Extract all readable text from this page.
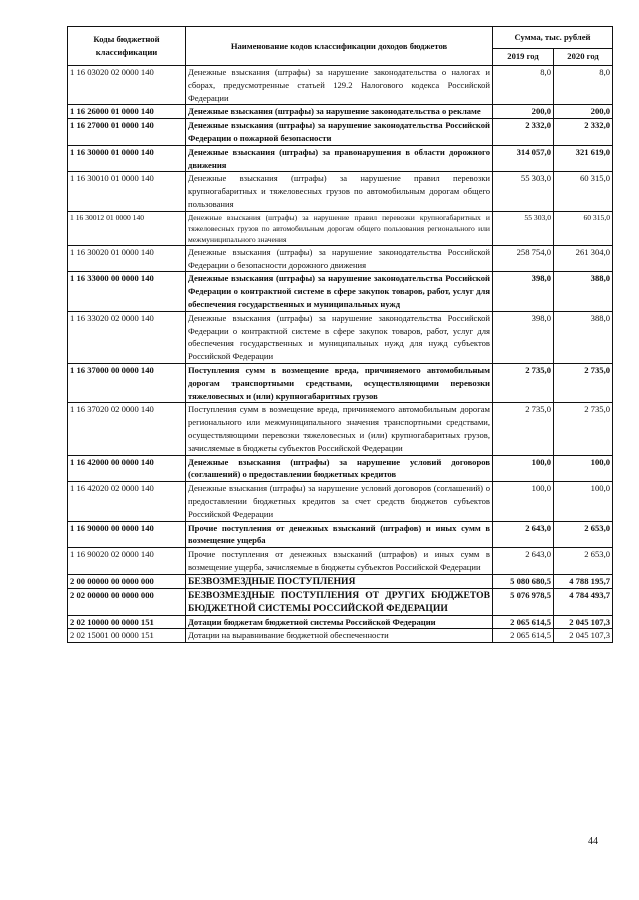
Коды бюджетной классификации	Наименование кодов классификации доходов бюджетов	Сумма, тыс. рублей	
		2019 год	2020 год
1 16 03020 02 0000 140	Денежные взыскания (штрафы) за нарушение законодательства о налогах и сборах, предусмотренные статьей 129.2 Налогового кодекса Российской Федерации	8,0	8,0
1 16 26000 01 0000 140	Денежные взыскания (штрафы) за нарушение законодательства о рекламе	200,0	200,0
1 16 27000 01 0000 140	Денежные взыскания (штрафы) за нарушение законодательства Российской Федерации о пожарной безопасности	2 332,0	2 332,0
1 16 30000 01 0000 140	Денежные взыскания (штрафы) за правонарушения в области дорожного движения	314 057,0	321 619,0
1 16 30010 01 0000 140	Денежные взыскания (штрафы) за нарушение правил перевозки крупногабаритных и тяжеловесных грузов по автомобильным дорогам общего пользования	55 303,0	60 315,0
1 16 30012 01 0000 140	Денежные взыскания (штрафы) за нарушение правил перевозки крупногабаритных и тяжеловесных грузов по автомобильным дорогам общего пользования регионального или межмуниципального значения	55 303,0	60 315,0
1 16 30020 01 0000 140	Денежные взыскания (штрафы) за нарушение законодательства Российской Федерации о безопасности дорожного движения	258 754,0	261 304,0
1 16 33000 00 0000 140	Денежные взыскания (штрафы) за нарушение законодательства Российской Федерации о контрактной системе в сфере закупок товаров, работ, услуг для обеспечения государственных и муниципальных нужд	398,0	388,0
1 16 33020 02 0000 140	Денежные взыскания (штрафы) за нарушение законодательства Российской Федерации о контрактной системе в сфере закупок товаров, работ, услуг для обеспечения государственных и муниципальных нужд для нужд субъектов Российской Федерации	398,0	388,0
1 16 37000 00 0000 140	Поступления сумм в возмещение вреда, причиняемого автомобильным дорогам транспортными средствами, осуществляющими перевозки тяжеловесных и (или) крупногабаритных грузов	2 735,0	2 735,0
1 16 37020 02 0000 140	Поступления сумм в возмещение вреда, причиняемого автомобильным дорогам регионального или межмуниципального значения транспортными средствами, осуществляющими перевозки тяжеловесных и (или) крупногабаритных грузов, зачисляемые в бюджеты субъектов Российской Федерации	2 735,0	2 735,0
1 16 42000 00 0000 140	Денежные взыскания (штрафы) за нарушение условий договоров (соглашений) о предоставлении бюджетных кредитов	100,0	100,0
1 16 42020 02 0000 140	Денежные взыскания (штрафы) за нарушение условий договоров (соглашений) о предоставлении бюджетных кредитов за счет средств бюджетов субъектов Российской Федерации	100,0	100,0
1 16 90000 00 0000 140	Прочие поступления от денежных взысканий (штрафов) и иных сумм в возмещение ущерба	2 643,0	2 653,0
1 16 90020 02 0000 140	Прочие поступления от денежных взысканий (штрафов) и иных сумм в возмещение ущерба, зачисляемые в бюджеты субъектов Российской Федерации	2 643,0	2 653,0
2 00 00000 00 0000 000	БЕЗВОЗМЕЗДНЫЕ ПОСТУПЛЕНИЯ	5 080 680,5	4 788 195,7
2 02 00000 00 0000 000	БЕЗВОЗМЕЗДНЫЕ ПОСТУПЛЕНИЯ ОТ ДРУГИХ БЮДЖЕТОВ БЮДЖЕТНОЙ СИСТЕМЫ РОССИЙСКОЙ ФЕДЕРАЦИИ	5 076 978,5	4 784 493,7
2 02 10000 00 0000 151	Дотации бюджетам бюджетной системы Российской Федерации	2 065 614,5	2 045 107,3
2 02 15001 00 0000 151	Дотации на выравнивание бюджетной обеспеченности	2 065 614,5	2 045 107,3
44
